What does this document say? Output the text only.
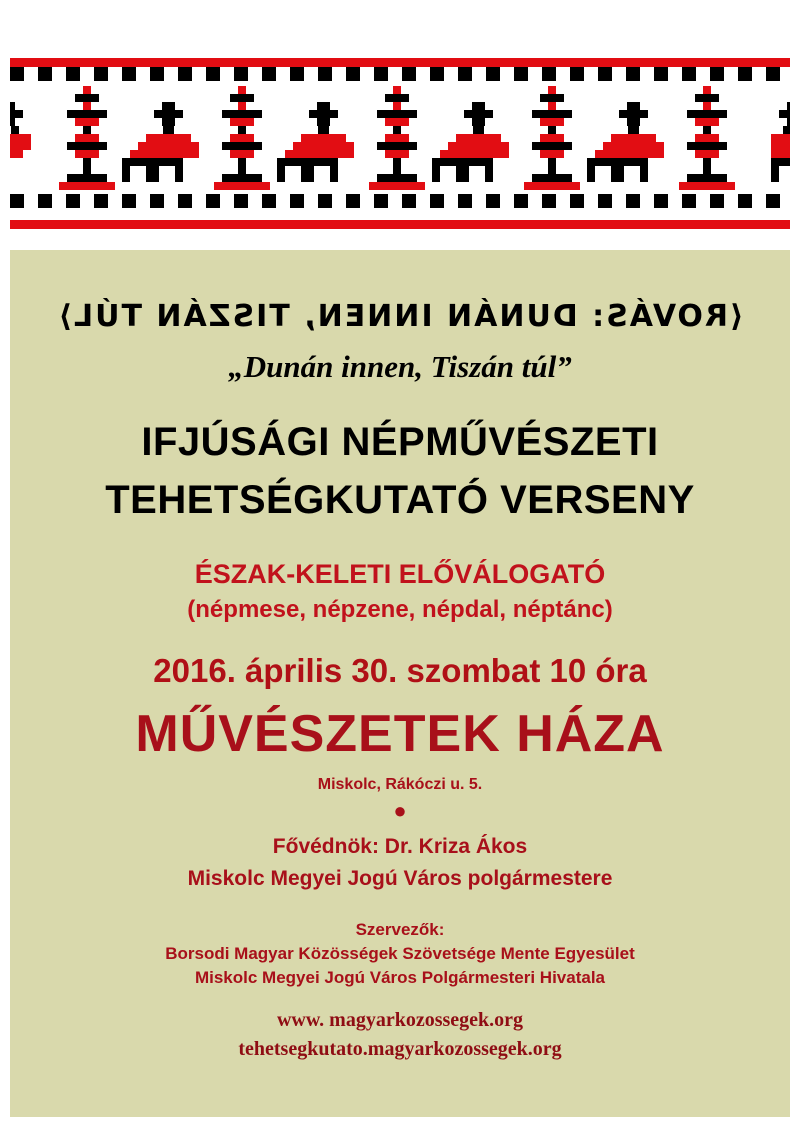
⟨ROVÁS: DUNÁN INNEN, TISZÁN TÚL⟩
„Dunán innen, Tiszán túl”
IFJÚSÁGI NÉPMŰVÉSZETI
TEHETSÉGKUTATÓ VERSENY
ÉSZAK-KELETI ELŐVÁLOGATÓ
(népmese, népzene, népdal, néptánc)
2016. április 30. szombat 10 óra
MŰVÉSZETEK HÁZA
Miskolc, Rákóczi u. 5.
●
Fővédnök: Dr. Kriza Ákos
Miskolc Megyei Jogú Város polgármestere
Szervezők:
Borsodi Magyar Közösségek Szövetsége Mente Egyesület
Miskolc Megyei Jogú Város Polgármesteri Hivatala
www. magyarkozossegek.org
tehetsegkutato.magyarkozossegek.org
